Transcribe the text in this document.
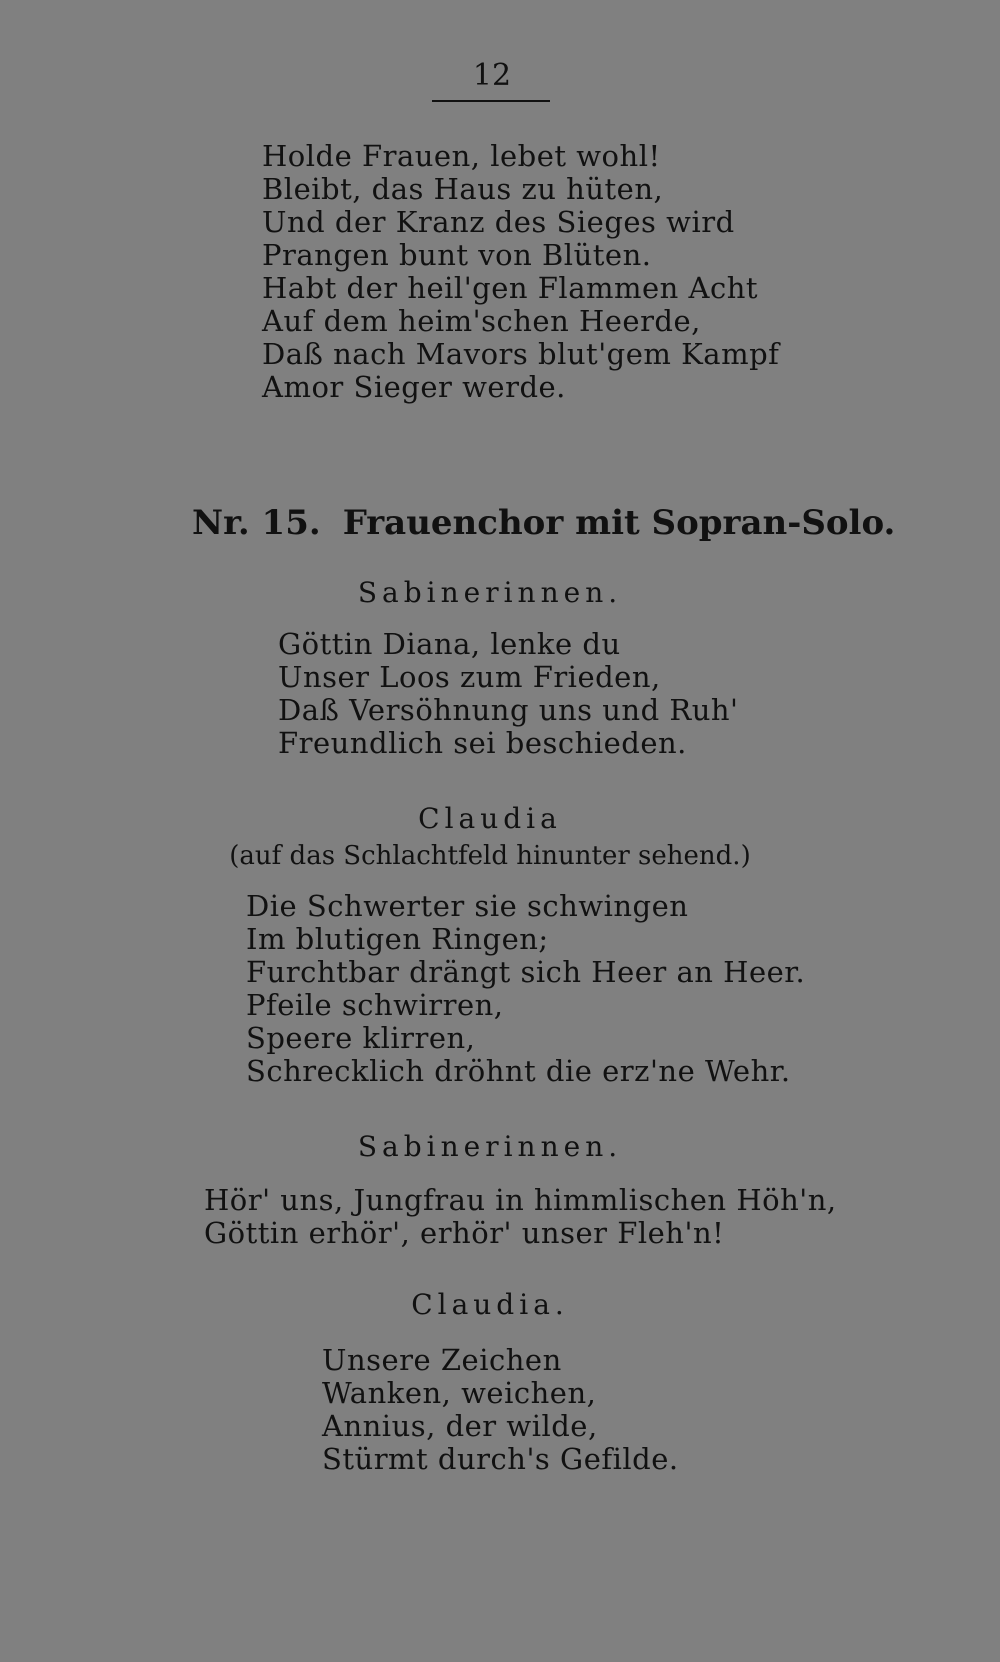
12
Holde Frauen, lebet wohl!
Bleibt, das Haus zu hüten,
Und der Kranz des Sieges wird
Prangen bunt von Blüten.
Habt der heil'gen Flammen Acht
Auf dem heim'schen Heerde,
Daß nach Mavors blut'gem Kampf
Amor Sieger werde.
Nr. 15. Frauenchor mit Sopran-Solo.
Sabinerinnen.
Göttin Diana, lenke du
Unser Loos zum Frieden,
Daß Versöhnung uns und Ruh'
Freundlich sei beschieden.
Claudia
(auf das Schlachtfeld hinunter sehend.)
Die Schwerter sie schwingen
Im blutigen Ringen;
Furchtbar drängt sich Heer an Heer.
Pfeile schwirren,
Speere klirren,
Schrecklich dröhnt die erz'ne Wehr.
Sabinerinnen.
Hör' uns, Jungfrau in himmlischen Höh'n,
Göttin erhör', erhör' unser Fleh'n!
Claudia.
Unsere Zeichen
Wanken, weichen,
Annius, der wilde,
Stürmt durch's Gefilde.
